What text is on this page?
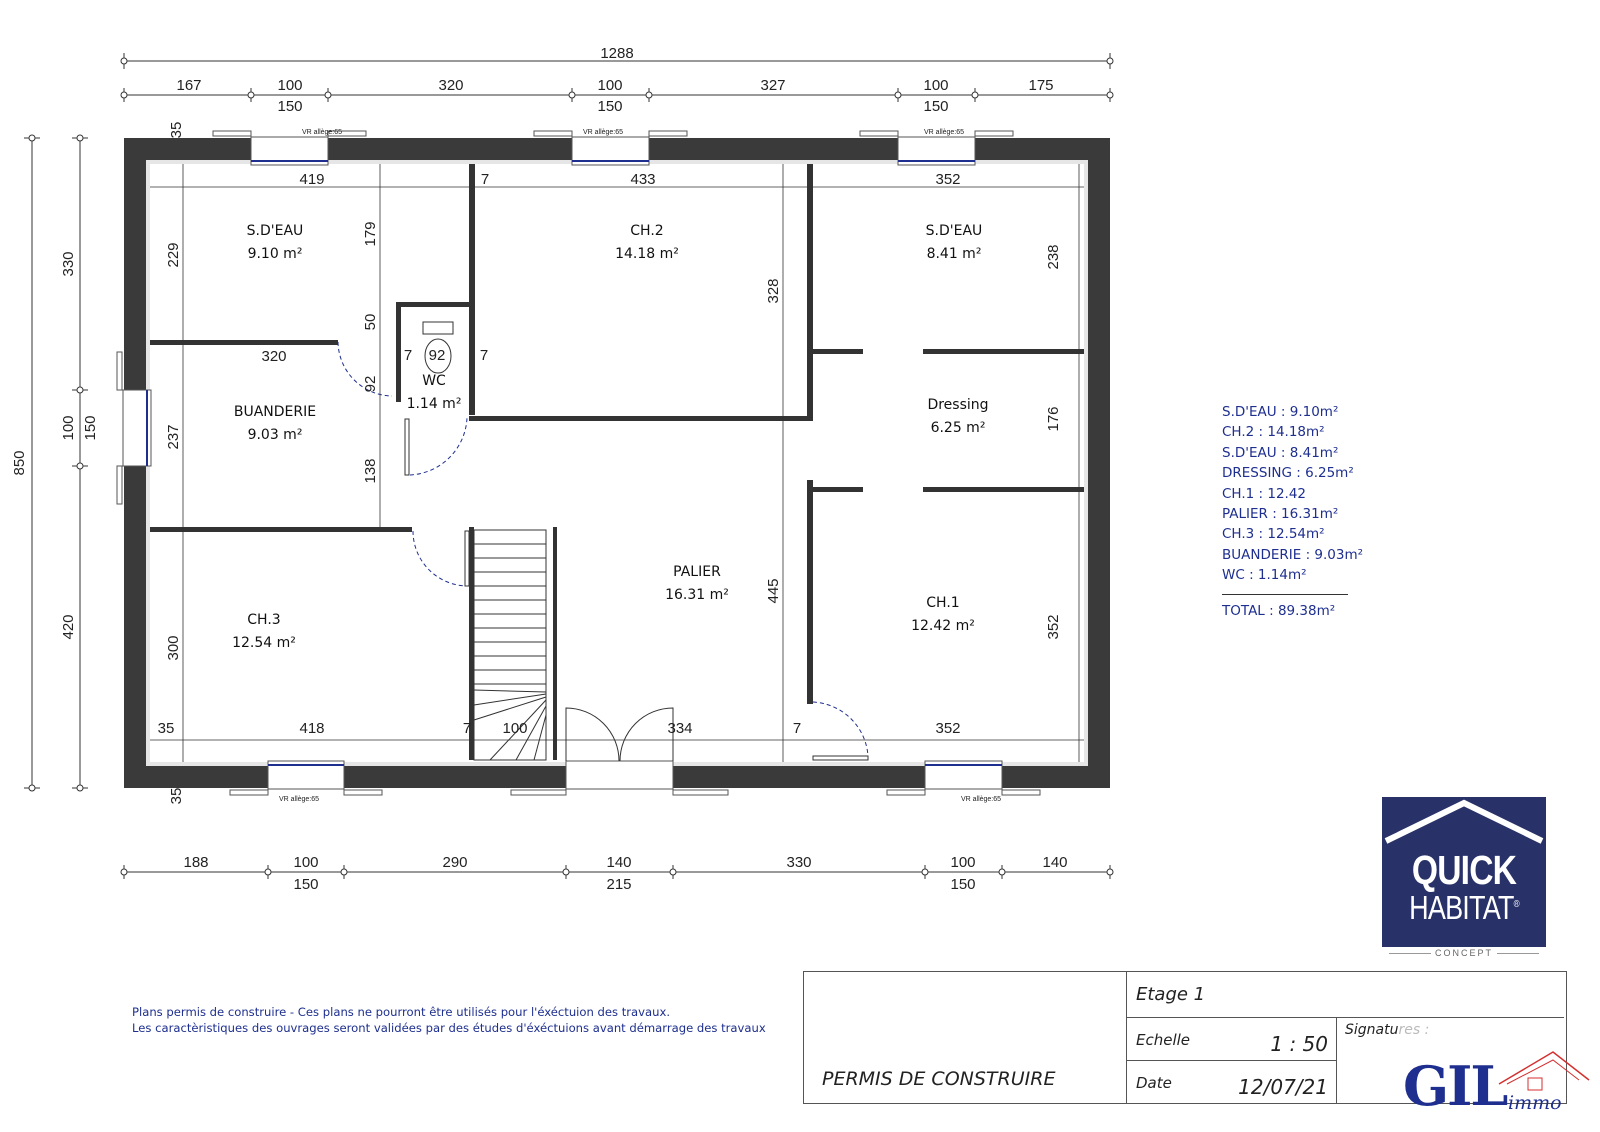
1288
167	100	320	100	327	100	175
150	150	150
188	100	290	140	330	100	140
150	215	150
850
330
100
420
150
VR allège:65	VR allège:65	VR allège:65
VR allège:65	VR allège:65
419	7	433	352
229
179
50
92
92
7	7
320
237
138
328
238
176
445
352
300
35	418	7 100	334	7	352
35
35
S.D'EAU
9.10 m²
CH.2
14.18 m²
S.D'EAU
8.41 m²
WC
1.14 m²
BUANDERIE
9.03 m²
Dressing
6.25 m²
PALIER
16.31 m²
CH.3
12.54 m²
CH.1
12.42 m²
S.D'EAU : 9.10m²
CH.2 : 14.18m²
S.D'EAU : 8.41m²
DRESSING : 6.25m²
CH.1 : 12.42
PALIER : 16.31m²
CH.3 : 12.54m²
BUANDERIE : 9.03m²
WC : 1.14m²
TOTAL : 89.38m²
QUICK
HABITAT®
CONCEPT
Plans permis de construire - Ces plans ne pourront être utilisés pour l'éxéctuion des travaux.
Les caractèristiques des ouvrages seront validées par des études d'éxéctuions avant démarrage des travaux
PERMIS DE CONSTRUIRE
Etage 1
Echelle	1 : 50
Date	12/07/21
Signatures :
GIL immo
